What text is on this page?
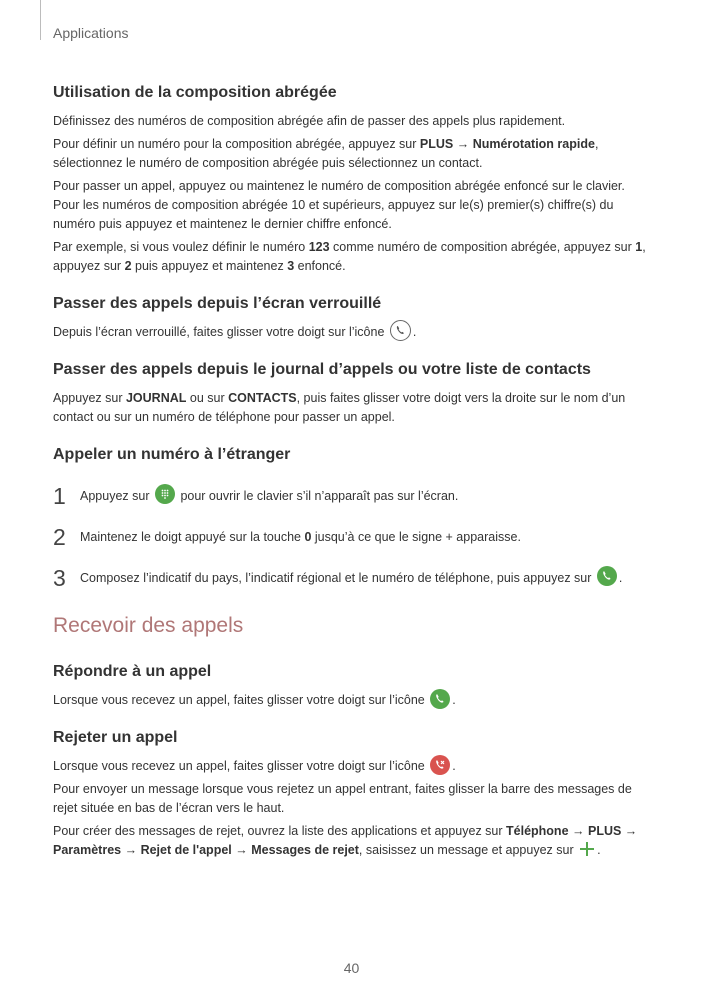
Applications
Utilisation de la composition abrégée

Définissez des numéros de composition abrégée afin de passer des appels plus rapidement.

Pour définir un numéro pour la composition abrégée, appuyez sur PLUS → Numérotation rapide, sélectionnez le numéro de composition abrégée puis sélectionnez un contact.

Pour passer un appel, appuyez ou maintenez le numéro de composition abrégée enfoncé sur le clavier. Pour les numéros de composition abrégée 10 et supérieurs, appuyez sur le(s) premier(s) chiffre(s) du numéro puis appuyez et maintenez le dernier chiffre enfoncé.

Par exemple, si vous voulez définir le numéro 123 comme numéro de composition abrégée, appuyez sur 1, appuyez sur 2 puis appuyez et maintenez 3 enfoncé.

Passer des appels depuis l’écran verrouillé

Depuis l’écran verrouillé, faites glisser votre doigt sur l’icône
.

Passer des appels depuis le journal d’appels ou votre liste de contacts

Appuyez sur JOURNAL ou sur CONTACTS, puis faites glisser votre doigt vers la droite sur le nom d’un contact ou sur un numéro de téléphone pour passer un appel.

Appeler un numéro à l’étranger
1	Appuyez sur
pour ouvrir le clavier s’il n’apparaît pas sur l’écran.
2	Maintenez le doigt appuyé sur la touche 0 jusqu’à ce que le signe + apparaisse.
3	Composez l’indicatif du pays, l’indicatif régional et le numéro de téléphone, puis appuyez sur
.
Recevoir des appels
Répondre à un appel

Lorsque vous recevez un appel, faites glisser votre doigt sur l’icône
.

Rejeter un appel

Lorsque vous recevez un appel, faites glisser votre doigt sur l’icône
.

Pour envoyer un message lorsque vous rejetez un appel entrant, faites glisser la barre des messages de rejet située en bas de l’écran vers le haut.

Pour créer des messages de rejet, ouvrez la liste des applications et appuyez sur Téléphone → PLUS → Paramètres → Rejet de l'appel → Messages de rejet, saisissez un message et appuyez sur .

40
